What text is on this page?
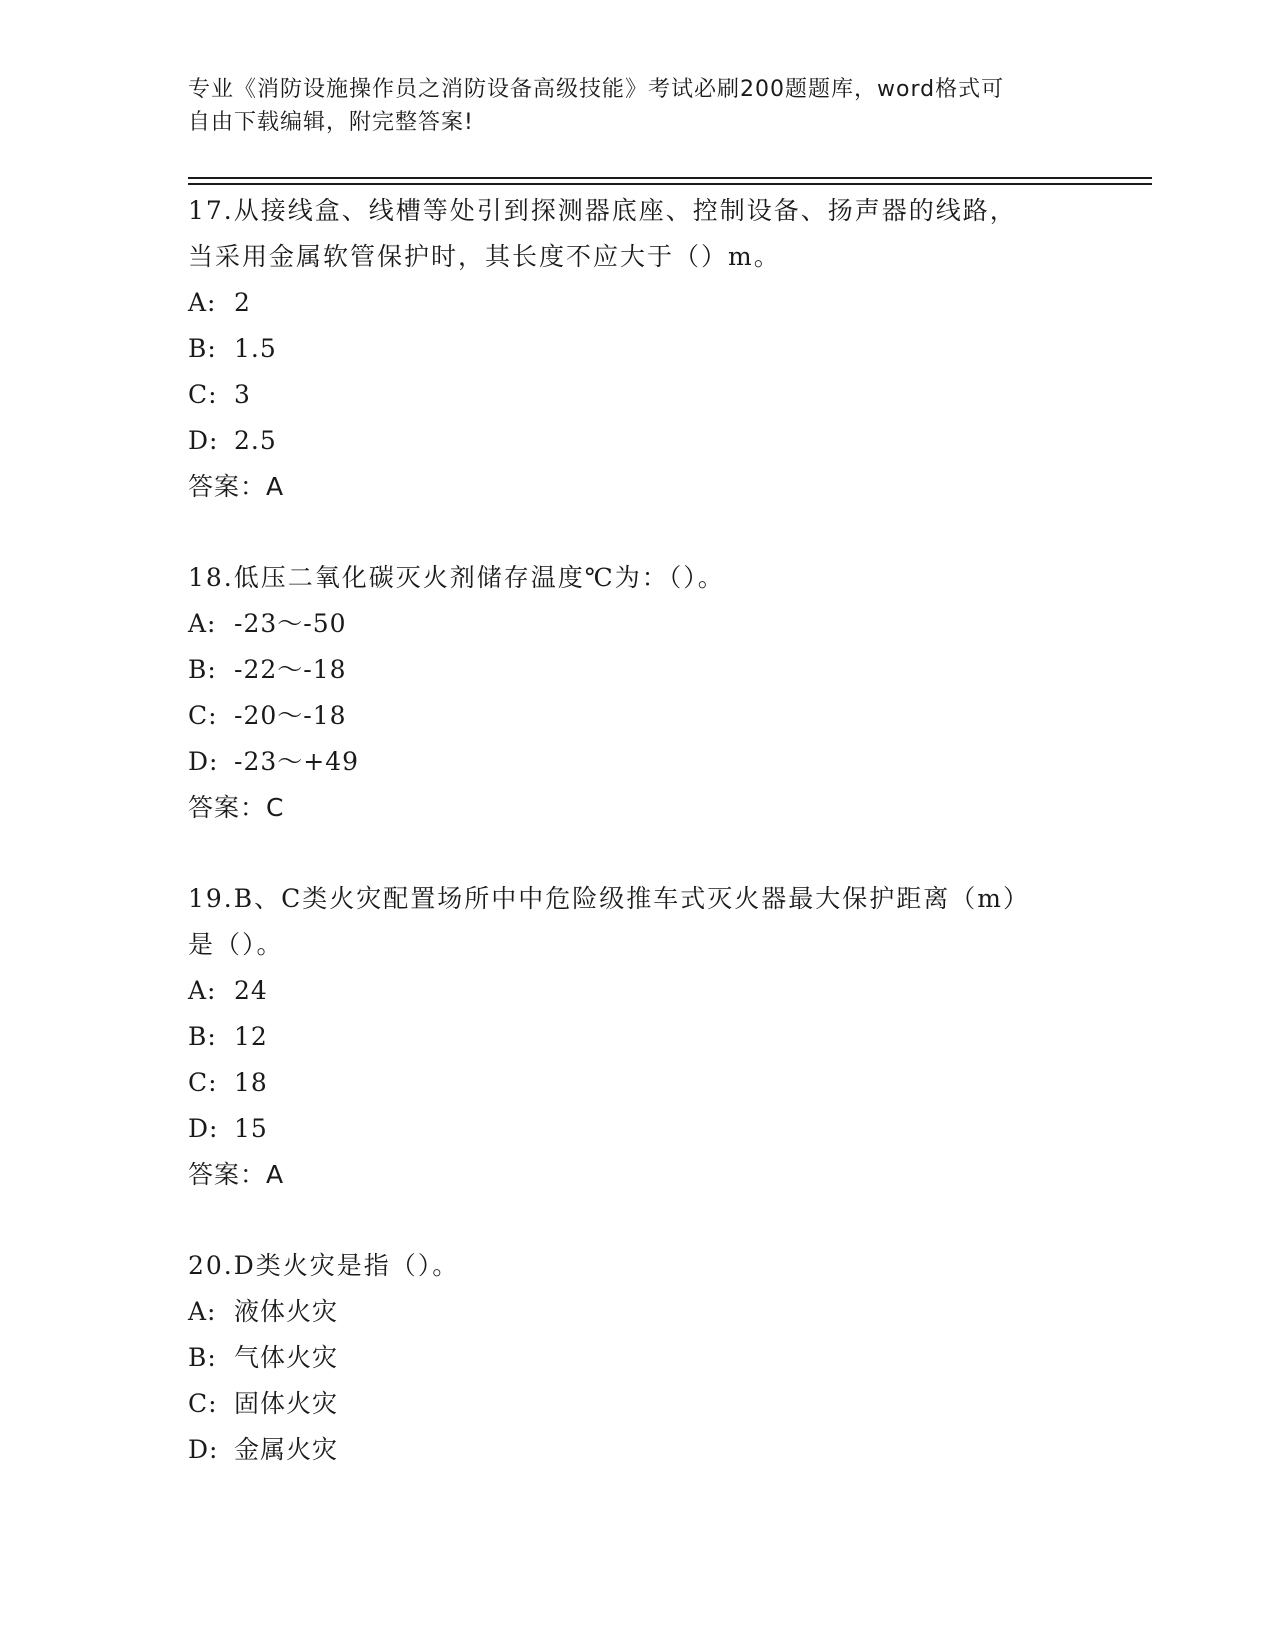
专业《消防设施操作员之消防设备高级技能》考试必刷200题题库，word格式可
自由下载编辑，附完整答案!

17.从接线盒、线槽等处引到探测器底座、控制设备、扬声器的线路，
当采用金属软管保护时，其长度不应大于（）m。

A: 2

B: 1.5

C: 3

D: 2.5

答案：A

18.低压二氧化碳灭火剂储存温度℃为：（）。

A: -23～-50

B: -22～-18

C: -20～-18

D: -23～+49

答案：C

19.B、C类火灾配置场所中中危险级推车式灭火器最大保护距离（m）
是（）。

A: 24

B: 12

C: 18

D: 15

答案：A

20.D类火灾是指（）。

A: 液体火灾

B: 气体火灾

C: 固体火灾

D: 金属火灾
